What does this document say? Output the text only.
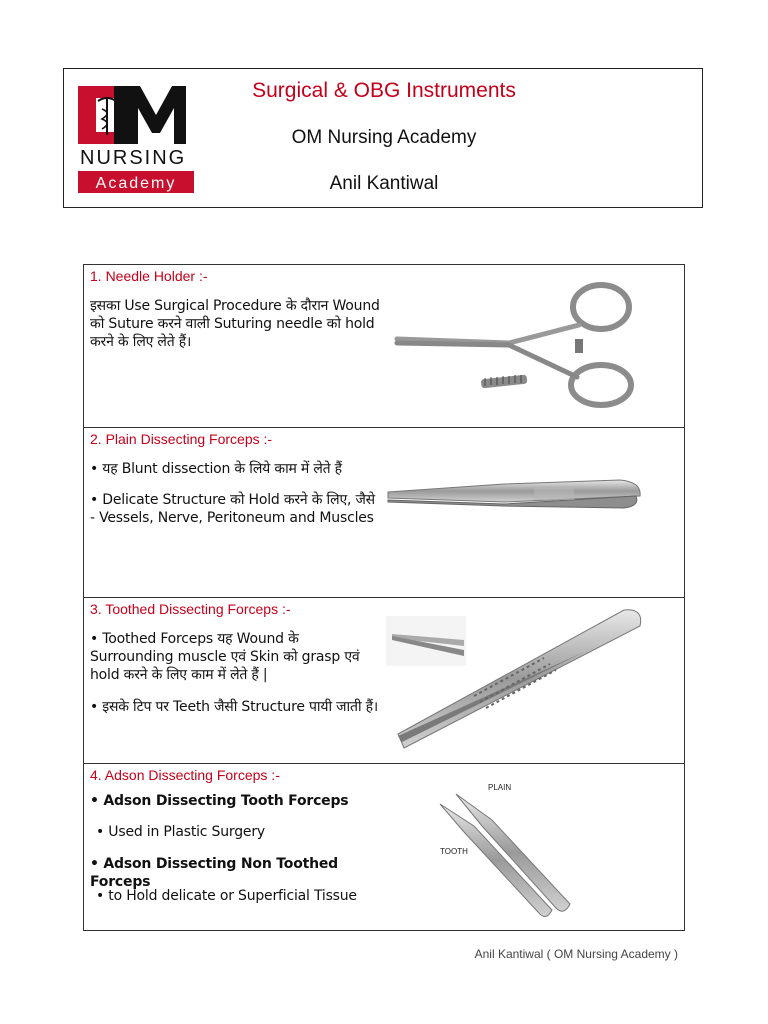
NURSING
Academy
Surgical & OBG Instruments
OM Nursing Academy
Anil Kantiwal
1. Needle Holder :-
इसका Use Surgical Procedure के दौरान Wound को Suture करने वाली Suturing needle को hold करने के लिए लेते हैं।
2. Plain Dissecting Forceps :-
• यह Blunt dissection के लिये काम में लेते हैं
• Delicate Structure को Hold करने के लिए, जैसे - Vessels, Nerve, Peritoneum and Muscles
3. Toothed Dissecting Forceps :-
• Toothed Forceps यह Wound के Surrounding muscle एवं Skin को grasp एवं hold करने के लिए काम में लेते हैं |
• इसके टिप पर Teeth जैसी Structure पायी जाती हैं।
4. Adson Dissecting Forceps :-
• Adson Dissecting Tooth Forceps
• Used in Plastic Surgery
• Adson Dissecting Non Toothed Forceps
• to Hold delicate or Superficial Tissue
PLAIN
TOOTH
Anil Kantiwal ( OM Nursing Academy )
